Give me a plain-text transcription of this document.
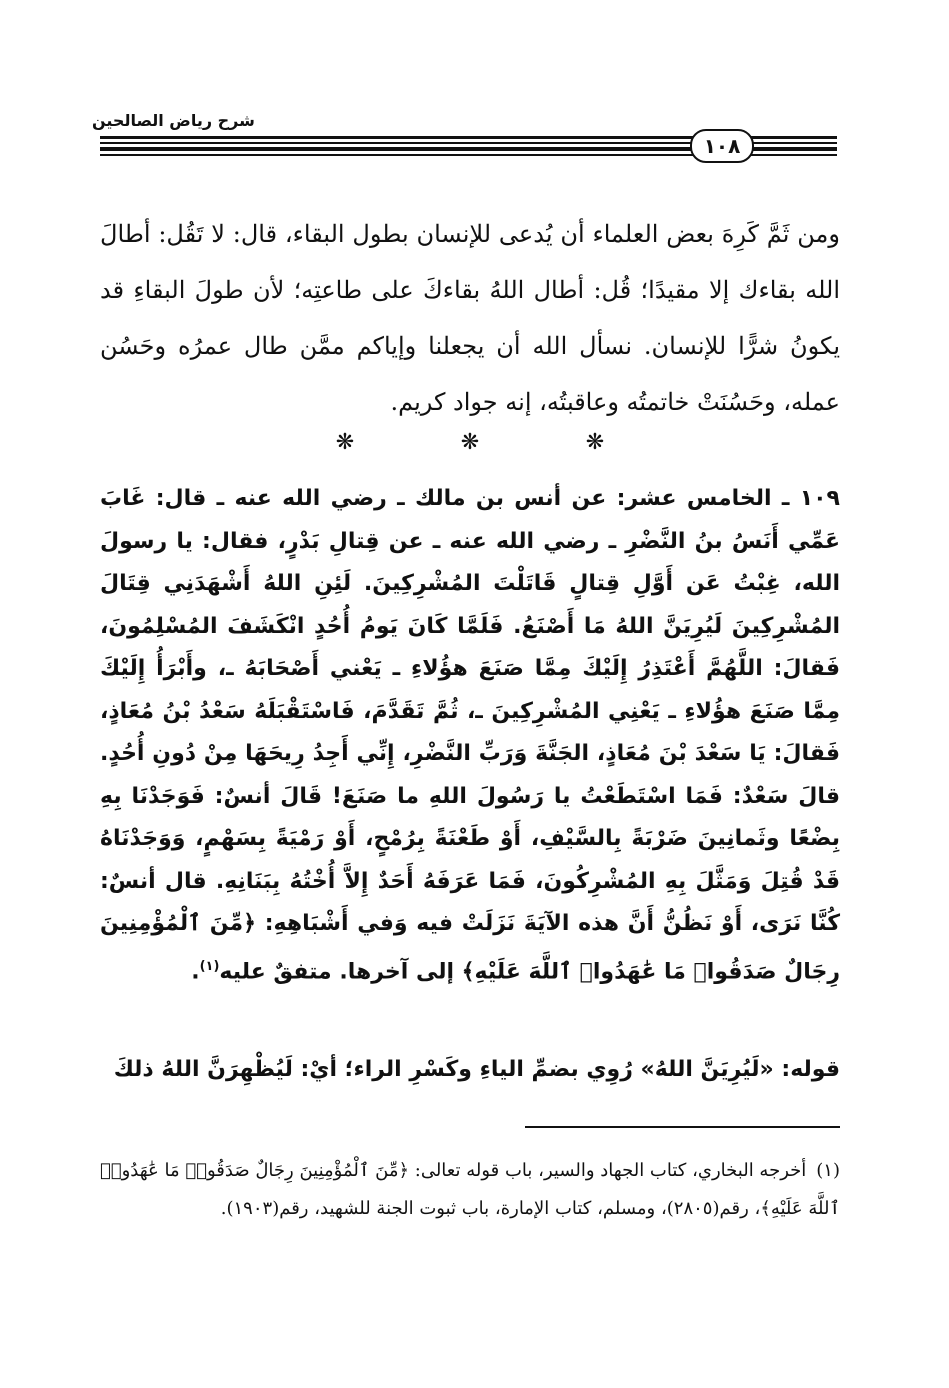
شرح رياض الصالحين
١٠٨

ومن ثَمَّ كَرِهَ بعض العلماء أن يُدعى للإنسان بطول البقاء، قال: لا تَقُل: أطالَ الله بقاءك إلا مقيدًا؛ قُل: أطال اللهُ بقاءكَ على طاعتِه؛ لأن طولَ البقاءِ قد يكونُ شرًّا للإنسان. نسأل الله أن يجعلنا وإياكم ممَّن طال عمرُه وحَسُن عمله، وحَسُنَتْ خاتمتُه وعاقبتُه، إنه جواد كريم.

❋
❋
❋

١٠٩ ـ الخامس عشر: عن أنس بن مالك ـ رضي الله عنه ـ قال: غَابَ عَمِّي أَنَسُ بنُ النَّضْرِ ـ رضي الله عنه ـ عن قِتالِ بَدْرٍ، فقال: يا رسولَ الله، غِبْتُ عَن أَوَّلِ قِتالٍ قَاتَلْتَ المُشْرِكِينَ. لَئِنِ اللهُ أَشْهَدَنِي قِتَالَ المُشْرِكِينَ لَيُرِيَنَّ اللهُ مَا أَصْنَعُ. فَلَمَّا كَانَ يَومُ أُحُدٍ انْكَشَفَ المُسْلِمُونَ، فَقالَ: اللَّهُمَّ أَعْتَذِرُ إِلَيْكَ مِمَّا صَنَعَ هؤُلاءِ ـ يَعْني أَصْحَابَهُ ـ، وأَبْرَأُ إِلَيْكَ مِمَّا صَنَعَ هؤُلاءِ ـ يَعْنِي المُشْرِكِينَ ـ، ثُمَّ تَقَدَّمَ، فَاسْتَقْبَلَهُ سَعْدُ بْنُ مُعَاذٍ، فَقالَ: يَا سَعْدَ بْنَ مُعَاذٍ، الجَنَّةَ وَرَبِّ النَّضْرِ، إِنِّي أَجِدُ رِيحَهَا مِنْ دُونِ أُحُدٍ. قالَ سَعْدٌ: فَمَا اسْتَطَعْتُ يا رَسُولَ اللهِ ما صَنَعَ! قَالَ أنسٌ: فَوَجَدْنَا بِهِ بِضْعًا وثَمانِينَ ضَرْبَةً بِالسَّيْفِ، أَوْ طَعْنَةً بِرُمْحٍ، أَوْ رَمْيَةً بِسَهْمٍ، وَوَجَدْنَاهُ قَدْ قُتِلَ وَمَثَّلَ بِهِ المُشْرِكُونَ، فَمَا عَرَفَهُ أَحَدٌ إِلاَّ أُخْتُهُ بِبَنَانِهِ. قال أنسٌ: كُنَّا نَرَى، أَوْ نَظُنُّ أَنَّ هذه الآيَةَ نَزَلَتْ فيه وَفي أَشْبَاهِهِ: ﴿مِّنَ ٱلْمُؤْمِنِينَ رِجَالٌ صَدَقُوا۟ مَا عَٰهَدُوا۟ ٱللَّهَ عَلَيْهِ﴾ إلى آخرها. متفقٌ عليه$^{(١)}$.

قوله: «لَيُرِيَنَّ اللهُ» رُوِي بضمِّ الياءِ وكَسْرِ الراء؛ أيْ: لَيُظْهِرَنَّ اللهُ ذلكَ

(١)أخرجه البخاري، كتاب الجهاد والسير، باب قوله تعالى: ﴿مِّنَ ٱلْمُؤْمِنِينَ رِجَالٌ صَدَقُوا۟ مَا عَٰهَدُوا۟ ٱللَّهَ عَلَيْهِ﴾، رقم(٢٨٠٥)، ومسلم، كتاب الإمارة، باب ثبوت الجنة للشهيد، رقم(١٩٠٣).
